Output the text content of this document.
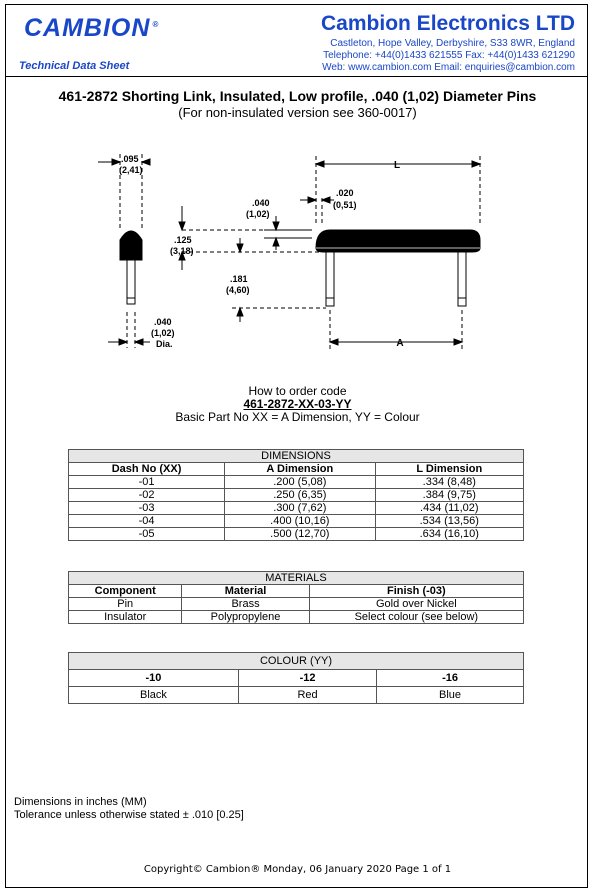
CAMBION ®
Technical Data Sheet
Cambion Electronics LTD
Castleton, Hope Valley, Derbyshire, S33 8WR, England
Telephone: +44(0)1433 621555 Fax: +44(0)1433 621290
Web: www.cambion.com Email: enquiries@cambion.com
461-2872 Shorting Link, Insulated, Low profile, .040 (1,02) Diameter Pins
(For non-insulated version see 360-0017)
.095
(2,41)
.040
(1,02)
Dia.
L
A
.020
(0,51)
.040
(1,02)
.125
(3,18)
.181
(4,60)
How to order code
461-2872-XX-03-YY
Basic Part No XX = A Dimension, YY = Colour
DIMENSIONS		
Dash No (XX)	A Dimension	L Dimension
-01	.200 (5,08)	.334 (8,48)
-02	.250 (6,35)	.384 (9,75)
-03	.300 (7,62)	.434 (11,02)
-04	.400 (10,16)	.534 (13,56)
-05	.500 (12,70)	.634 (16,10)
MATERIALS		
Component	Material	Finish (-03)
Pin	Brass	Gold over Nickel
Insulator	Polypropylene	Select colour (see below)
COLOUR (YY)		
-10	-12	-16
Black	Red	Blue
Dimensions in inches (MM)
Tolerance unless otherwise stated ± .010 [0.25]
Copyright© Cambion® Monday, 06 January 2020 Page 1 of 1
